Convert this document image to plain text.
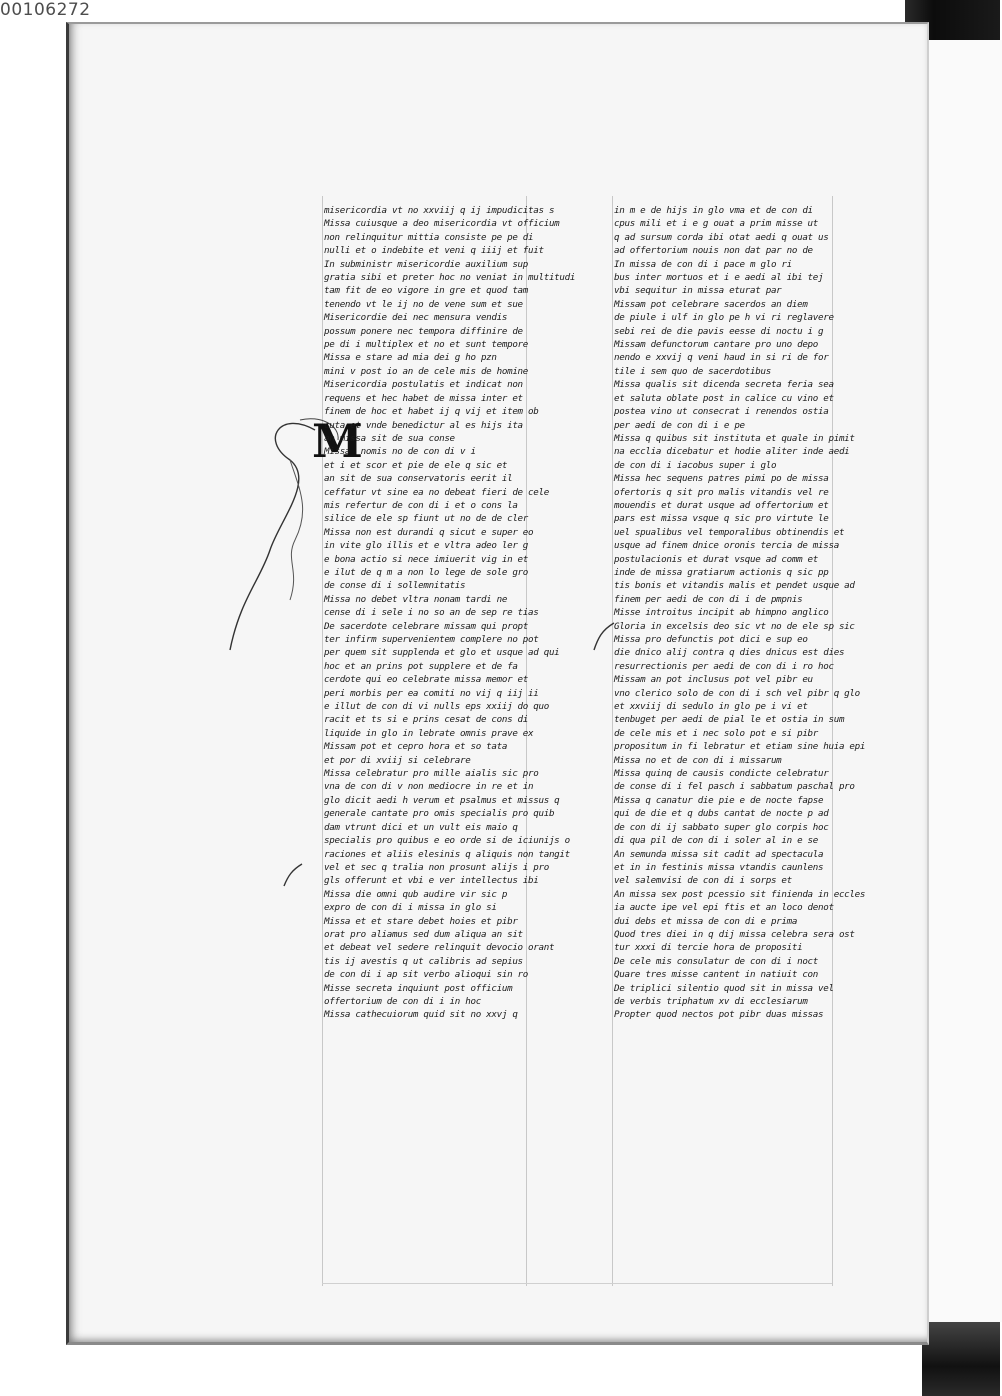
00106272
M
misericordia vt no xxviij q ij impudicitas s
Missa cuiusque a deo misericordia vt officium
non relinquitur mittia consiste pe pe di
nulli et o indebite et veni q iiij et fuit
In subministr misericordie auxilium sup
gratia sibi et preter hoc no veniat in multitudi
tam fit de eo vigore in gre et quod tam
tenendo vt le ij no de vene sum et sue
Misericordie dei nec mensura vendis
possum ponere nec tempora diffinire de
pe di i multiplex et no et sunt tempore
Missa e stare ad mia dei g ho pzn
mini v post io an de cele mis de homine
Misericordia postulatis et indicat non
requens et hec habet de missa inter et
finem de hoc et habet ij q vij et item ob
cuta et vnde benedictur al es hijs ita
an missa sit de sua conse
Missa  nomis no de con di v i
et i et scor et pie de ele q sic et
an sit de sua conservatoris eerit il
ceffatur vt sine ea no debeat fieri de cele
mis refertur de con di i et o cons la
silice de ele sp fiunt ut no de de cler
Missa non est durandi q sicut e super eo
in vite glo illis et e vltra adeo ler g
e bona actio si nece imiuerit vig in et
e ilut de q m a non lo lege de sole gro
de conse di i sollemnitatis
Missa no debet vltra nonam tardi ne
cense di i sele i no so an de sep re tias
De sacerdote celebrare missam qui propt
ter infirm supervenientem complere no pot
per quem sit supplenda et glo et usque ad qui
hoc et an prins pot supplere et de fa
cerdote qui eo celebrate missa memor et
peri morbis per ea comiti no vij q iij ii
e illut de con di vi nulls eps xxiij do quo
racit et ts si e prins cesat de cons di
liquide in glo in lebrate omnis prave ex
Missam pot et cepro hora et so tata
et por di xviij si celebrare
Missa celebratur pro mille aialis sic pro
vna de con di v non mediocre in re et in
glo dicit aedi h verum et psalmus et missus q
generale cantate pro omis specialis pro quib
dam vtrunt dici et un vult eis maio q
specialis pro quibus e eo orde si de iciunijs o
raciones et aliis elesinis q aliquis non tangit
vel et sec q tralia non prosunt alijs i pro
gls offerunt et vbi e ver intellectus ibi
Missa die omni qub audire vir sic p
expro de con di i missa in glo si
Missa et et stare debet hoies et pibr
orat pro aliamus sed dum aliqua an sit
et debeat vel sedere relinquit devocio orant
tis ij avestis q ut calibris ad sepius
de con di i ap sit verbo alioqui sin ro
Misse secreta inquiunt post officium
offertorium de con di i in hoc
Missa cathecuiorum quid sit no xxvj q

in m e de hijs in glo vma et de con di
cpus mili et i e g ouat a prim misse ut
q ad sursum corda ibi otat aedi q ouat us
ad offertorium nouis non dat par no de
In missa de con di i pace m glo ri
bus inter mortuos et i e aedi al ibi tej
vbi sequitur in missa eturat par
Missam pot celebrare sacerdos an diem
de piule i ulf in glo pe h vi ri reglavere
sebi rei de die pavis eesse di noctu i g
Missam defunctorum cantare pro uno depo
nendo e xxvij q veni haud in si ri de for
tile i sem quo de sacerdotibus
Missa qualis sit dicenda secreta feria sea
et saluta oblate post in calice cu vino et
postea vino ut consecrat i renendos ostia
per aedi de con di i e pe
Missa q quibus sit instituta et quale in pimit
na ecclia dicebatur et hodie aliter inde aedi
de con di i iacobus super i glo
Missa hec sequens patres pimi po de missa
ofertoris q sit pro malis vitandis vel re
mouendis et durat usque ad offertorium et
pars est missa vsque q sic pro virtute le
uel spualibus vel temporalibus obtinendis et
usque ad finem dnice oronis tercia de missa
postulacionis et durat vsque ad comm et
inde de missa gratiarum actionis q sic pp
tis bonis et vitandis malis et pendet usque ad
finem per aedi de con di i de pmpnis
Misse introitus incipit ab himpno anglico
Gloria in excelsis deo sic vt no de ele sp sic
Missa pro defunctis pot dici e sup eo
die dnico alij contra q dies dnicus est dies
resurrectionis per aedi de con di i ro hoc
Missam an pot inclusus pot vel pibr eu
vno clerico solo de con di i sch vel pibr q glo
et xxviij di sedulo in glo pe i vi et
tenbuget per aedi de pial le et ostia in sum
de cele mis et i nec solo pot e si pibr
propositum in fi lebratur et etiam sine huia epi
Missa no et de con di i missarum
Missa quinq de causis condicte celebratur
de conse di i fel pasch i sabbatum paschal pro
Missa q canatur die pie e de nocte fapse
qui de die et q dubs cantat de nocte p ad
de con di ij sabbato super glo corpis hoc
di qua pil de con di i soler al in e se
An semunda missa sit cadit ad spectacula
et in in festinis missa vtandis caunlens
vel salemvisi de con di i sorps et
An missa sex post pcessio sit finienda in eccles
ia aucte ipe vel epi ftis et an loco denot
dui debs et missa de con di e prima
Quod tres diei in q dij missa celebra sera ost
tur xxxi di tercie hora de propositi
De cele mis consulatur de con di i noct
Quare tres misse cantent in natiuit con
De triplici silentio quod sit in missa vel
de verbis triphatum xv di ecclesiarum
Propter quod nectos pot pibr duas missas
